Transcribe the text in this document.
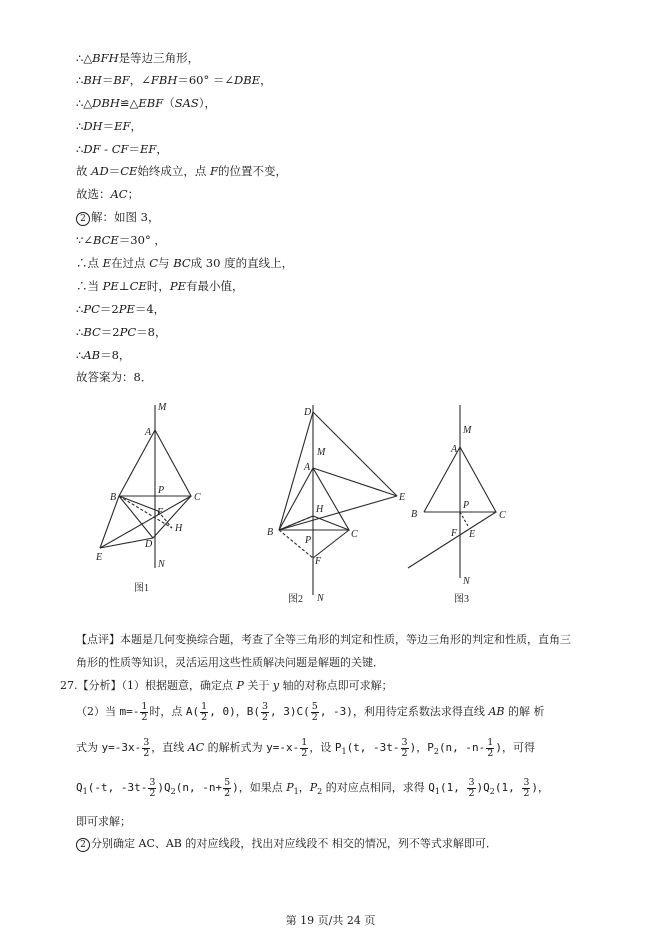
∴△BFH是等边三角形，
∴BH＝BF，∠FBH＝60° ＝∠DBE，
∴△DBH≌△EBF（SAS），
∴DH＝EF，
∴DF - CF＝EF，
故 AD＝CE始终成立，点 F的位置不变，
故选：AC；
2 解：如图 3，
∵∠BCE＝30° ，
∴点 E在过点 C与 BC成 30 度的直线上，
∴当 PE⊥CE时，PE有最小值，
∴PC＝2PE＝4，
∴BC＝2PC＝8，
∴AB＝8，
故答案为：8．
M
A
B
P
C
F
H
E
D
N
图1
D
M
A
E
H
B	C
P
F
N
图2
M
A
B
P
C
F E
N
图3
【点评】本题是几何变换综合题，考查了全等三角形的判定和性质，等边三角形的判定和性质，直角三
角形的性质等知识，灵活运用这些性质解决问题是解题的关键．
27.【分析】（1）根据题意，确定点 P 关于 y 轴的对称点即可求解；
（2）当 $m=- \frac{1}{2}$ 时，点 $A( \frac{1}{2}$ , 0)，$B( \frac{3}{2}$ , $3)C( \frac{5}{2}$ , -3)，利用待定系数法求得直线 AB 的解 析
式为 $y=-3x- \frac{3}{2}$ ，直线 AC 的解析式为 $y=-x- \frac{1}{2}$ ，设 $P_1(t$, $-3t- \frac{3}{2}$ )，$P_2(n$, $-n- \frac{1}{2}$ )，可得
$Q_1(-t$, $-3t- \frac{3}{2} )Q_2(n$, $-n+ \frac{5}{2}$ )，如果点 $P_1$，$P_2$ 的对应点相同，求得 $Q_1(1$, $\frac{3}{2} )Q_2(1$, $\frac{3}{2}$ )，
即可求解；
2 分别确定 AC、AB 的对应线段，找出对应线段不 相交的情况，列不等式求解即可．
第 19 页/共 24 页
